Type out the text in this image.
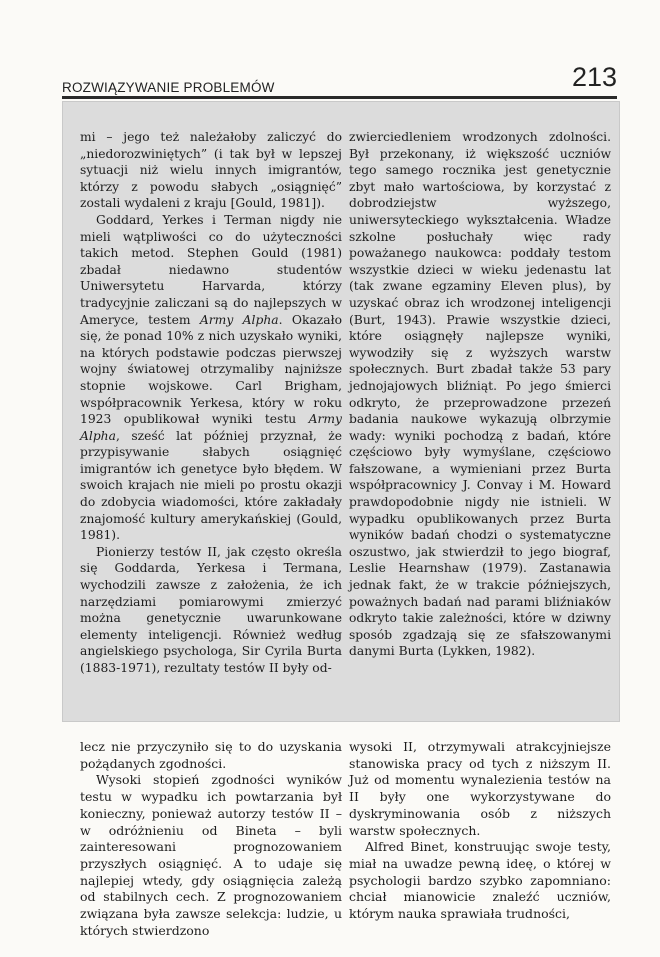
ROZWIĄZYWANIE PROBLEMÓW	213

mi – jego też należałoby zaliczyć do „niedorozwiniętych” (i tak był w lepszej sytuacji niż wielu innych imigrantów, którzy z powodu słabych „osiągnięć” zostali wydaleni z kraju [Gould, 1981]).

Goddard, Yerkes i Terman nigdy nie mieli wątpliwości co do użyteczności takich metod. Stephen Gould (1981) zbadał niedawno studentów Uniwersytetu Harvarda, którzy tradycyjnie zaliczani są do najlepszych w Ameryce, testem Army Alpha. Okazało się, że ponad 10% z nich uzyskało wyniki, na których podstawie podczas pierwszej wojny światowej otrzymaliby najniższe stopnie wojskowe. Carl Brigham, współpracownik Yerkesa, który w roku 1923 opublikował wyniki testu Army Alpha, sześć lat później przyznał, że przypisywanie słabych osiągnięć imigrantów ich genetyce było błędem. W swoich krajach nie mieli po prostu okazji do zdobycia wiadomości, które zakładały znajomość kultury amerykańskiej (Gould, 1981).

Pionierzy testów II, jak często określa się Goddarda, Yerkesa i Termana, wychodzili zawsze z założenia, że ich narzędziami pomiarowymi zmierzyć można genetycznie uwarunkowane elementy inteligencji. Również według angielskiego psychologa, Sir Cyrila Burta (1883-1971), rezultaty testów II były od-

zwierciedleniem wrodzonych zdolności. Był przekonany, iż większość uczniów tego samego rocznika jest genetycznie zbyt mało wartościowa, by korzystać z dobrodziejstw wyższego, uniwersyteckiego wykształcenia. Władze szkolne posłuchały więc rady poważanego naukowca: poddały testom wszystkie dzieci w wieku jedenastu lat (tak zwane egzaminy Eleven plus), by uzyskać obraz ich wrodzonej inteligencji (Burt, 1943). Prawie wszystkie dzieci, które osiągnęły najlepsze wyniki, wywodziły się z wyższych warstw społecznych. Burt zbadał także 53 pary jednojajowych bliźniąt. Po jego śmierci odkryto, że przeprowadzone przezeń badania naukowe wykazują olbrzymie wady: wyniki pochodzą z badań, które częściowo były wymyślane, częściowo fałszowane, a wymieniani przez Burta współpracownicy J. Convay i M. Howard prawdopodobnie nigdy nie istnieli. W wypadku opublikowanych przez Burta wyników badań chodzi o systematyczne oszustwo, jak stwierdził to jego biograf, Leslie Hearnshaw (1979). Zastanawia jednak fakt, że w trakcie późniejszych, poważnych badań nad parami bliźniaków odkryto takie zależności, które w dziwny sposób zgadzają się ze sfałszowanymi danymi Burta (Lykken, 1982).

lecz nie przyczyniło się to do uzyskania pożądanych zgodności.

Wysoki stopień zgodności wyników testu w wypadku ich powtarzania był konieczny, ponieważ autorzy testów II – w odróżnieniu od Bineta – byli zainteresowani prognozowaniem przyszłych osiągnięć. A to udaje się najlepiej wtedy, gdy osiągnięcia zależą od stabilnych cech. Z prognozowaniem związana była zawsze selekcja: ludzie, u których stwierdzono

wysoki II, otrzymywali atrakcyjniejsze stanowiska pracy od tych z niższym II. Już od momentu wynalezienia testów na II były one wykorzystywane do dyskryminowania osób z niższych warstw społecznych.

Alfred Binet, konstruując swoje testy, miał na uwadze pewną ideę, o której w psychologii bardzo szybko zapomniano: chciał mianowicie znaleźć uczniów, którym nauka sprawiała trudności,
